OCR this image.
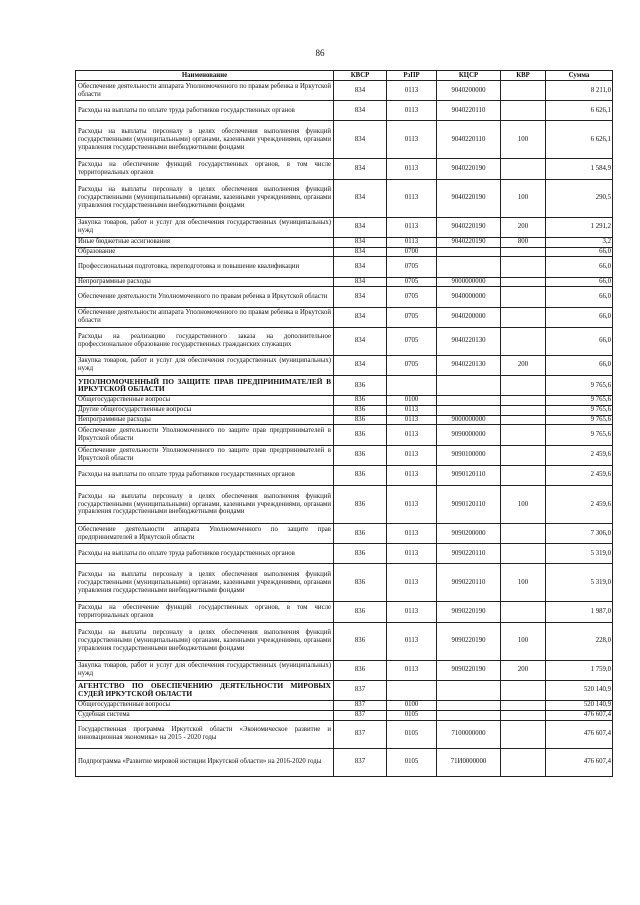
86
Наименование	КВСР	РзПР	КЦСР	КВР	Сумма
Обеспечение деятельности аппарата Уполномоченного по правам ребенка в Иркутской области	834	0113	9040200000		8 211,0
Расходы на выплаты по оплате труда работников государственных органов	834	0113	9040220110		6 626,1
Расходы на выплаты персоналу в целях обеспечения выполнения функций государственными (муниципальными) органами, казенными учреждениями, органами управления государственными внебюджетными фондами	834	0113	9040220110	100	6 626,1
Расходы на обеспечение функций государственных органов, в том числе территориальных органов	834	0113	9040220190		1 584,9
Расходы на выплаты персоналу в целях обеспечения выполнения функций государственными (муниципальными) органами, казенными учреждениями, органами управления государственными внебюджетными фондами	834	0113	9040220190	100	290,5
Закупка товаров, работ и услуг для обеспечения государственных (муниципальных) нужд	834	0113	9040220190	200	1 291,2
Иные бюджетные ассигнования	834	0113	9040220190	800	3,2
Образование	834	0700			66,0
Профессиональная подготовка, переподготовка и повышение квалификации	834	0705			66,0
Непрограммные расходы	834	0705	9000000000		66,0
Обеспечение деятельности Уполномоченного по правам ребенка в Иркутской области	834	0705	9040000000		66,0
Обеспечение деятельности аппарата Уполномоченного по правам ребенка в Иркутской области	834	0705	9040200000		66,0
Расходы на реализацию государственного заказа на дополнительное профессиональное образование государственных гражданских служащих	834	0705	9040220130		66,0
Закупка товаров, работ и услуг для обеспечения государственных (муниципальных) нужд	834	0705	9040220130	200	66,0
УПОЛНОМОЧЕННЫЙ ПО ЗАЩИТЕ ПРАВ ПРЕДПРИНИМАТЕЛЕЙ В ИРКУТСКОЙ ОБЛАСТИ	836				9 765,6
Общегосударственные вопросы	836	0100			9 765,6
Другие общегосударственные вопросы	836	0113			9 765,6
Непрограммные расходы	836	0113	9000000000		9 765,6
Обеспечение деятельности Уполномоченного по защите прав предпринимателей в Иркутской области	836	0113	9090000000		9 765,6
Обеспечение деятельности Уполномоченного по защите прав предпринимателей в Иркутской области	836	0113	9090100000		2 459,6
Расходы на выплаты по оплате труда работников государственных органов	836	0113	9090120110		2 459,6
Расходы на выплаты персоналу в целях обеспечения выполнения функций государственными (муниципальными) органами, казенными учреждениями, органами управления государственными внебюджетными фондами	836	0113	9090120110	100	2 459,6
Обеспечение деятельности аппарата Уполномоченного по защите прав предпринимателей в Иркутской области	836	0113	9090200000		7 306,0
Расходы на выплаты по оплате труда работников государственных органов	836	0113	9090220110		5 319,0
Расходы на выплаты персоналу в целях обеспечения выполнения функций государственными (муниципальными) органами, казенными учреждениями, органами управления государственными внебюджетными фондами	836	0113	9090220110	100	5 319,0
Расходы на обеспечение функций государственных органов, в том числе территориальных органов	836	0113	9090220190		1 987,0
Расходы на выплаты персоналу в целях обеспечения выполнения функций государственными (муниципальными) органами, казенными учреждениями, органами управления государственными внебюджетными фондами	836	0113	9090220190	100	228,0
Закупка товаров, работ и услуг для обеспечения государственных (муниципальных) нужд	836	0113	9090220190	200	1 759,0
АГЕНТСТВО ПО ОБЕСПЕЧЕНИЮ ДЕЯТЕЛЬНОСТИ МИРОВЫХ СУДЕЙ ИРКУТСКОЙ ОБЛАСТИ	837				520 140,9
Общегосударственные вопросы	837	0100			520 140,9
Судебная система	837	0105			476 607,4
Государственная программа Иркутской области «Экономическое развитие и инновационная экономика» на 2015 - 2020 годы	837	0105	7100000000		476 607,4
Подпрограмма «Развитие мировой юстиции Иркутской области» на 2016-2020 годы	837	0105	71И0000000		476 607,4
